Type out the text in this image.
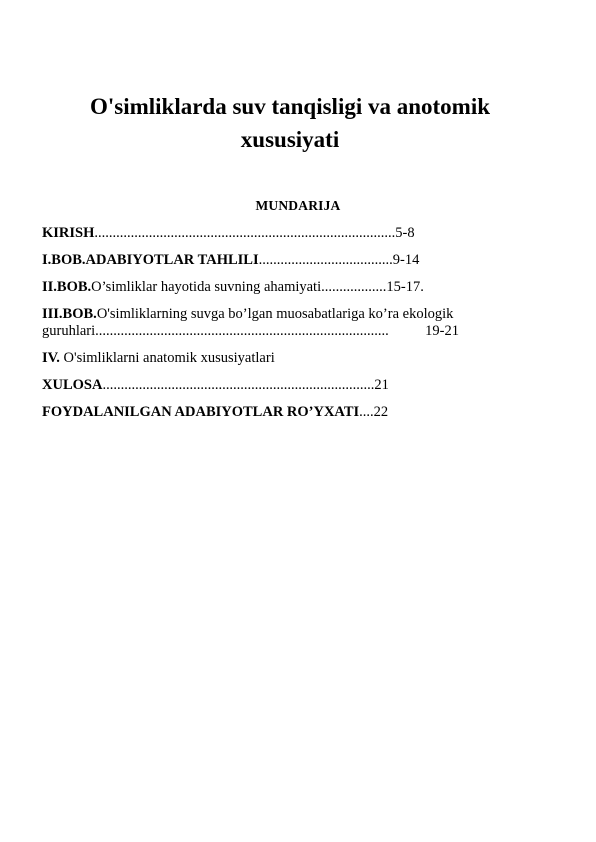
O'simliklarda suv tanqisligi va anotomik xususiyati
MUNDARIJA
KIRISH...................................................................................5-8
I.BOB.ADABIYOTLAR TAHLILI.....................................9-14
II.BOB.O’simliklar hayotida suvning ahamiyati..................15-17.
III.BOB.O'simliklarning suvga bo’lgan muosabatlariga ko’ra ekologik guruhlari.................................................................................	19-21
IV. O'simliklarni anatomik xususiyatlari
XULOSA...........................................................................21
FOYDALANILGAN ADABIYOTLAR RO’YXATI....22
